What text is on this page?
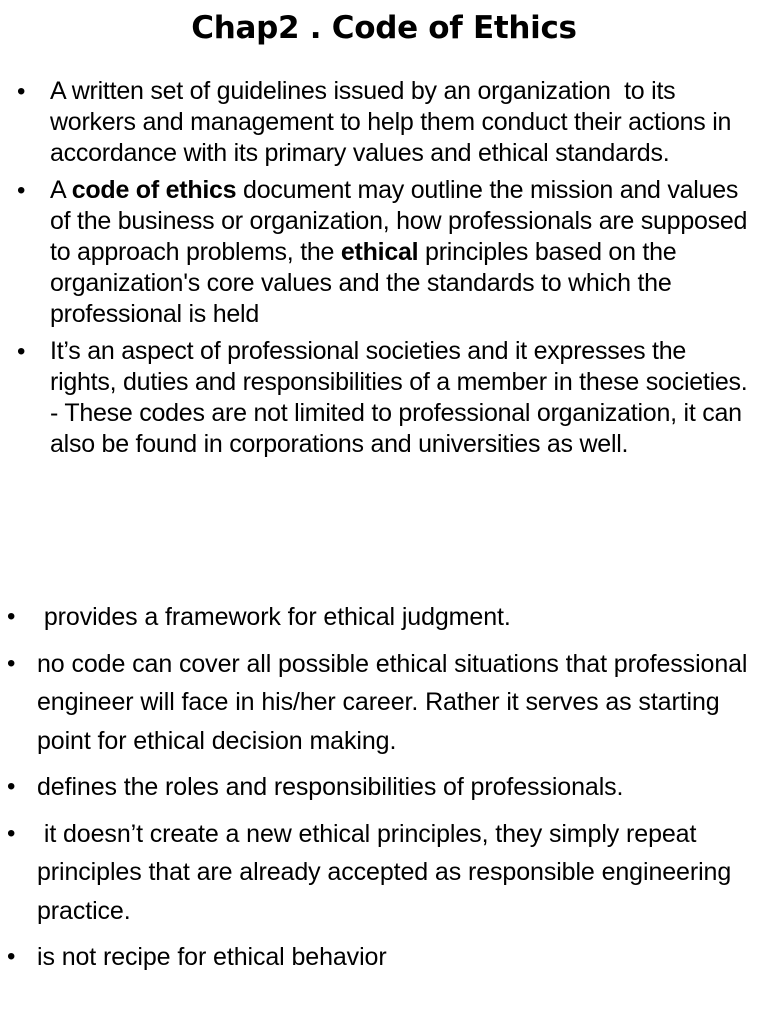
Chap2 . Code of Ethics
• A written set of guidelines issued by an organization  to its workers and management to help them conduct their actions in accordance with its primary values and ethical standards.
• A code of ethics document may outline the mission and values of the business or organization, how professionals are supposed to approach problems, the ethical principles based on the organization's core values and the standards to which the professional is held
• It’s an aspect of professional societies and it expresses the rights, duties and responsibilities of a member in these societies. - These codes are not limited to professional organization, it can also be found in corporations and universities as well.
• provides a framework for ethical judgment.
• no code can cover all possible ethical situations that professional engineer will face in his/her career. Rather it serves as starting point for ethical decision making.
• defines the roles and responsibilities of professionals.
• it doesn’t create a new ethical principles, they simply repeat principles that are already accepted as responsible engineering practice.
• is not recipe for ethical behavior
